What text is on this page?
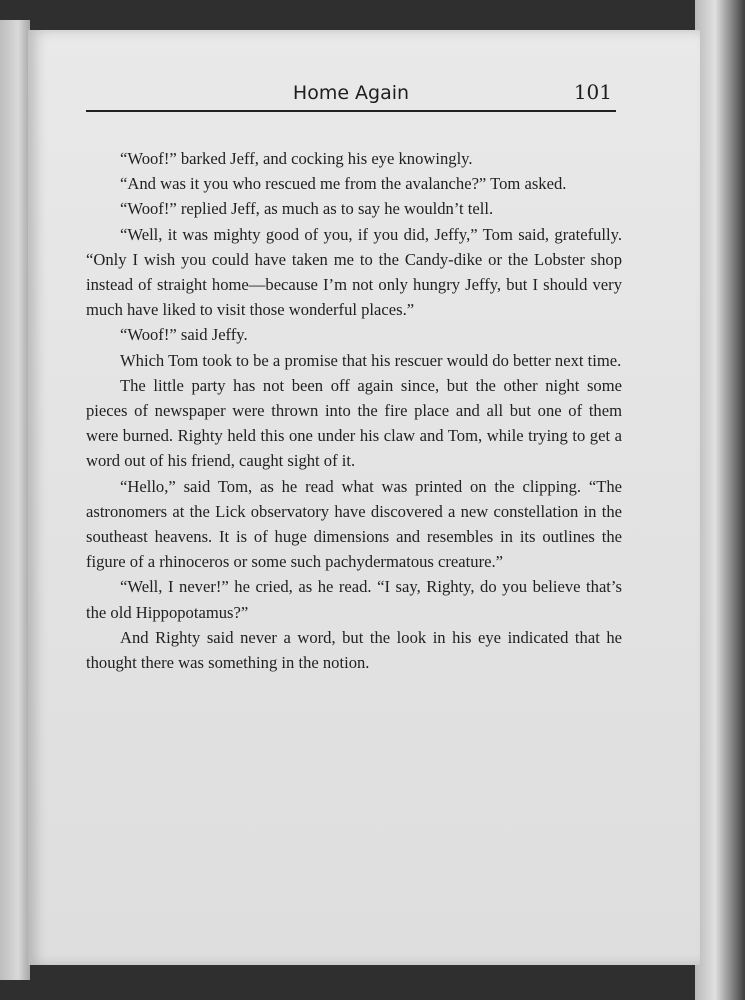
Home Again	101

“Woof!” barked Jeff, and cocking his eye knowingly.

“And was it you who rescued me from the avalanche?” Tom asked.

“Woof!” replied Jeff, as much as to say he wouldn’t tell.

“Well, it was mighty good of you, if you did, Jeffy,” Tom said, gratefully. “Only I wish you could have taken me to the Candy-dike or the Lobster shop instead of straight home—because I’m not only hungry Jeffy, but I should very much have liked to visit those wonderful places.”

“Woof!” said Jeffy.

Which Tom took to be a promise that his rescuer would do better next time.

The little party has not been off again since, but the other night some pieces of newspaper were thrown into the fire place and all but one of them were burned. Righty held this one under his claw and Tom, while trying to get a word out of his friend, caught sight of it.

“Hello,” said Tom, as he read what was printed on the clipping. “The astronomers at the Lick observatory have discovered a new constellation in the southeast heavens. It is of huge dimensions and resembles in its outlines the figure of a rhinoceros or some such pachydermatous creature.”

“Well, I never!” he cried, as he read. “I say, Righty, do you believe that’s the old Hippopotamus?”

And Righty said never a word, but the look in his eye indicated that he thought there was something in the notion.
